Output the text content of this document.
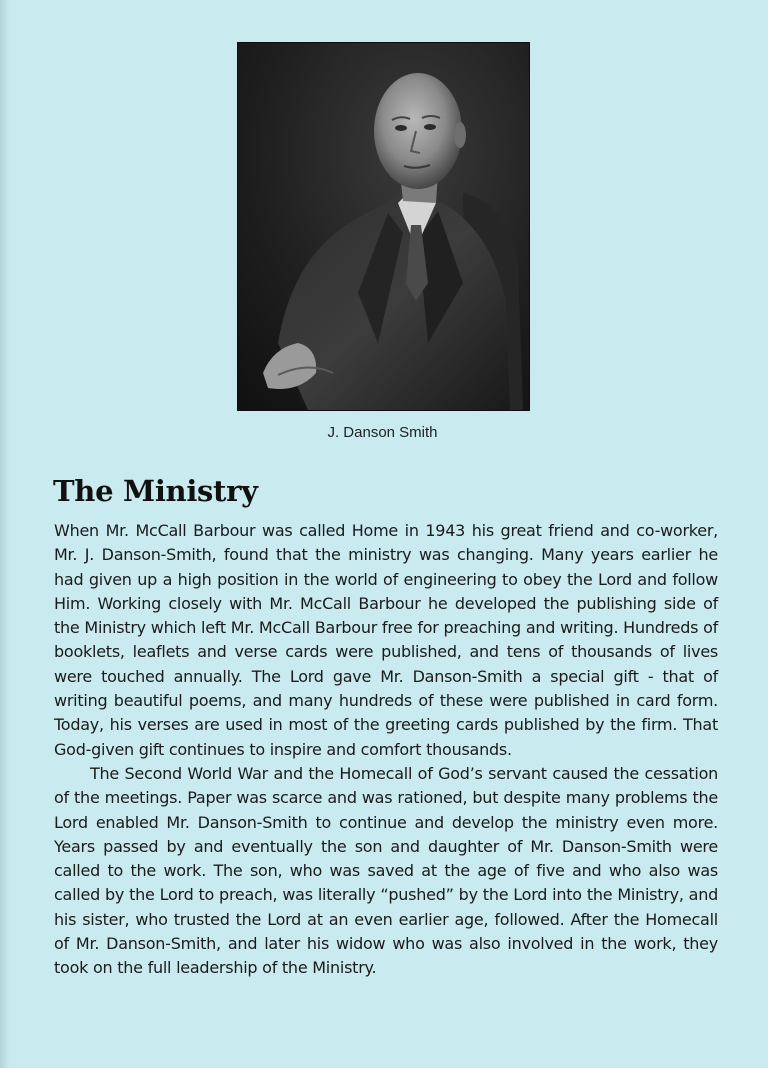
J. Danson Smith
The Ministry

When Mr. McCall Barbour was called Home in 1943 his great friend and co-worker, Mr. J. Danson-Smith, found that the ministry was changing. Many years earlier he had given up a high position in the world of engineering to obey the Lord and follow Him. Working closely with Mr. McCall Barbour he developed the publishing side of the Ministry which left Mr. McCall Barbour free for preaching and writing. Hundreds of booklets, leaflets and verse cards were published, and tens of thousands of lives were touched annually. The Lord gave Mr. Danson-Smith a special gift - that of writing beautiful poems, and many hundreds of these were published in card form. Today, his verses are used in most of the greeting cards published by the firm. That God-given gift continues to inspire and comfort thousands.

The Second World War and the Homecall of God’s servant caused the cessation of the meetings. Paper was scarce and was rationed, but despite many problems the Lord enabled Mr. Danson-Smith to continue and develop the ministry even more. Years passed by and eventually the son and daughter of Mr. Danson-Smith were called to the work. The son, who was saved at the age of five and who also was called by the Lord to preach, was literally “pushed” by the Lord into the Ministry, and his sister, who trusted the Lord at an even earlier age, followed. After the Homecall of Mr. Danson-Smith, and later his widow who was also involved in the work, they took on the full leadership of the Ministry.
